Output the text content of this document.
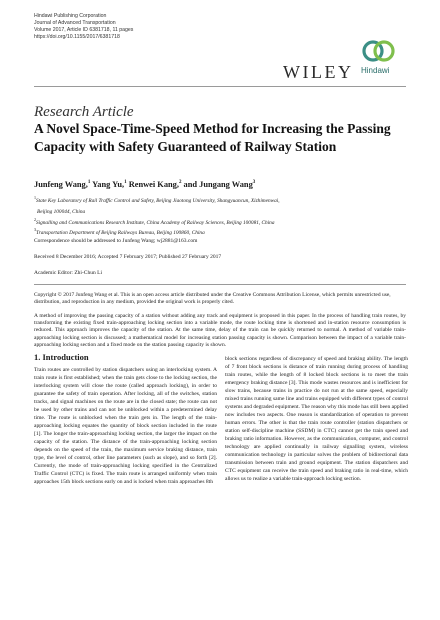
Hindawi Publishing Corporation
Journal of Advanced Transportation
Volume 2017, Article ID 6381718, 11 pages
https://doi.org/10.1155/2017/6381718
WILEY Hindawi
Research Article
A Novel Space-Time-Speed Method for Increasing the Passing Capacity with Safety Guaranteed of Railway Station
Junfeng Wang,$^1$ Yang Yu,$^1$ Renwei Kang,$^2$ and Jungang Wang$^3$
$^1$State Key Laboratory of Rail Traffic Control and Safety, Beijing Jiaotong University, Shangyuancun, Xizhimenwai,
Beijing 100044, China
$^2$Signalling and Communications Research Institute, China Academy of Railway Sciences, Beijing 100081, China
$^3$Transportation Department of Beijing Railways Bureau, Beijing 100860, China
Correspondence should be addressed to Junfeng Wang; wj2881@163.com
Received 8 December 2016; Accepted 7 February 2017; Published 27 February 2017
Academic Editor: Zhi-Chun Li
Copyright © 2017 Junfeng Wang et al. This is an open access article distributed under the Creative Commons Attribution License, which permits unrestricted use, distribution, and reproduction in any medium, provided the original work is properly cited.
A method of improving the passing capacity of a station without adding any track and equipment is proposed in this paper. In the process of handling train routes, by transforming the existing fixed train-approaching locking section into a variable mode, the route locking time is shortened and in-station resource consumption is reduced. This approach improves the capacity of the station. At the same time, delay of the train can be quickly returned to normal. A method of variable train-approaching locking section is discussed; a mathematical model for increasing station passing capacity is shown. Comparison between the impact of a variable train-approaching locking section and a fixed mode on the station passing capacity is shown.
1. Introduction
Train routes are controlled by station dispatchers using an interlocking system. A train route is first established; when the train gets close to the locking section, the interlocking system will close the route (called approach locking), in order to guarantee the safety of train operation. After locking, all of the switches, station tracks, and signal machines on the route are in the closed state; the route can not be used by other trains and can not be unblocked within a predetermined delay time. The route is unblocked when the train gets in. The length of the train-approaching locking equates the quantity of block section included in the route [1]. The longer the train-approaching locking section, the larger the impact on the capacity of the station. The distance of the train-approaching locking section depends on the speed of the train, the maximum service braking distance, train type, the level of control, other line parameters (such as slope), and so forth [2]. Currently, the mode of train-approaching locking specified in the Centralized Traffic Control (CTC) is fixed. The train route is arranged uniformly when train approaches 15th block sections early on and is locked when train approaches 8th
block sections regardless of discrepancy of speed and braking ability. The length of 7 front block sections is distance of train running during process of handling train routes, while the length of 8 locked block sections is to meet the train emergency braking distance [3]. This mode wastes resources and is inefficient for slow trains, because trains in practice do not run at the same speed, especially mixed trains running same line and trains equipped with different types of control systems and degraded equipment. The reason why this mode has still been applied now includes two aspects. One reason is standardization of operation to prevent human errors. The other is that the train route controller (station dispatchers or station self-discipline machine (SSDM) in CTC) cannot get the train speed and braking ratio information. However, as the communication, computer, and control technology are applied continually in railway signalling system, wireless communication technology in particular solves the problem of bidirectional data transmission between train and ground equipment. The station dispatchers and CTC equipment can receive the train speed and braking ratio in real-time, which allows us to realize a variable train-approach locking section.
